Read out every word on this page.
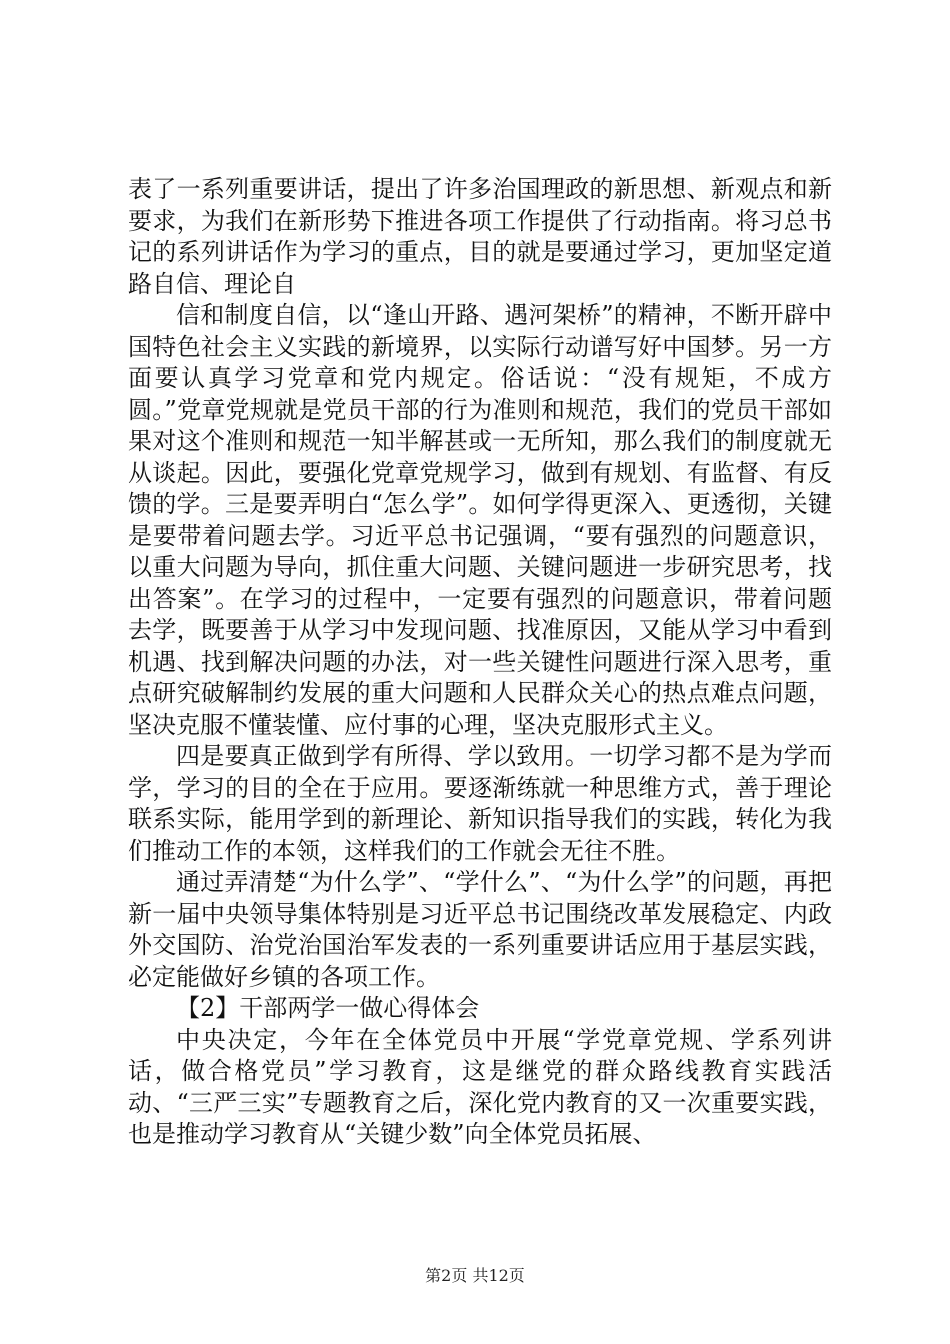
表了一系列重要讲话，提出了许多治国理政的新思想、新观点和新要求，为我们在新形势下推进各项工作提供了行动指南。将习总书记的系列讲话作为学习的重点，目的就是要通过学习，更加坚定道路自信、理论自

信和制度自信，以“逢山开路、遇河架桥”的精神，不断开辟中国特色社会主义实践的新境界，以实际行动谱写好中国梦。另一方面要认真学习党章和党内规定。俗话说：“没有规矩，不成方圆。”党章党规就是党员干部的行为准则和规范，我们的党员干部如果对这个准则和规范一知半解甚或一无所知，那么我们的制度就无从谈起。因此，要强化党章党规学习，做到有规划、有监督、有反馈的学。三是要弄明白“怎么学”。如何学得更深入、更透彻，关键是要带着问题去学。习近平总书记强调，“要有强烈的问题意识，以重大问题为导向，抓住重大问题、关键问题进一步研究思考，找出答案”。在学习的过程中，一定要有强烈的问题意识，带着问题去学，既要善于从学习中发现问题、找准原因，又能从学习中看到机遇、找到解决问题的办法，对一些关键性问题进行深入思考，重点研究破解制约发展的重大问题和人民群众关心的热点难点问题，坚决克服不懂装懂、应付事的心理，坚决克服形式主义。

四是要真正做到学有所得、学以致用。一切学习都不是为学而学，学习的目的全在于应用。要逐渐练就一种思维方式，善于理论联系实际，能用学到的新理论、新知识指导我们的实践，转化为我们推动工作的本领，这样我们的工作就会无往不胜。

通过弄清楚“为什么学”、“学什么”、“为什么学”的问题，再把新一届中央领导集体特别是习近平总书记围绕改革发展稳定、内政外交国防、治党治国治军发表的一系列重要讲话应用于基层实践，必定能做好乡镇的各项工作。

【2】干部两学一做心得体会

中央决定，今年在全体党员中开展“学党章党规、学系列讲话，做合格党员”学习教育，这是继党的群众路线教育实践活动、“三严三实”专题教育之后，深化党内教育的又一次重要实践，也是推动学习教育从“关键少数”向全体党员拓展、

第2页 共12页
